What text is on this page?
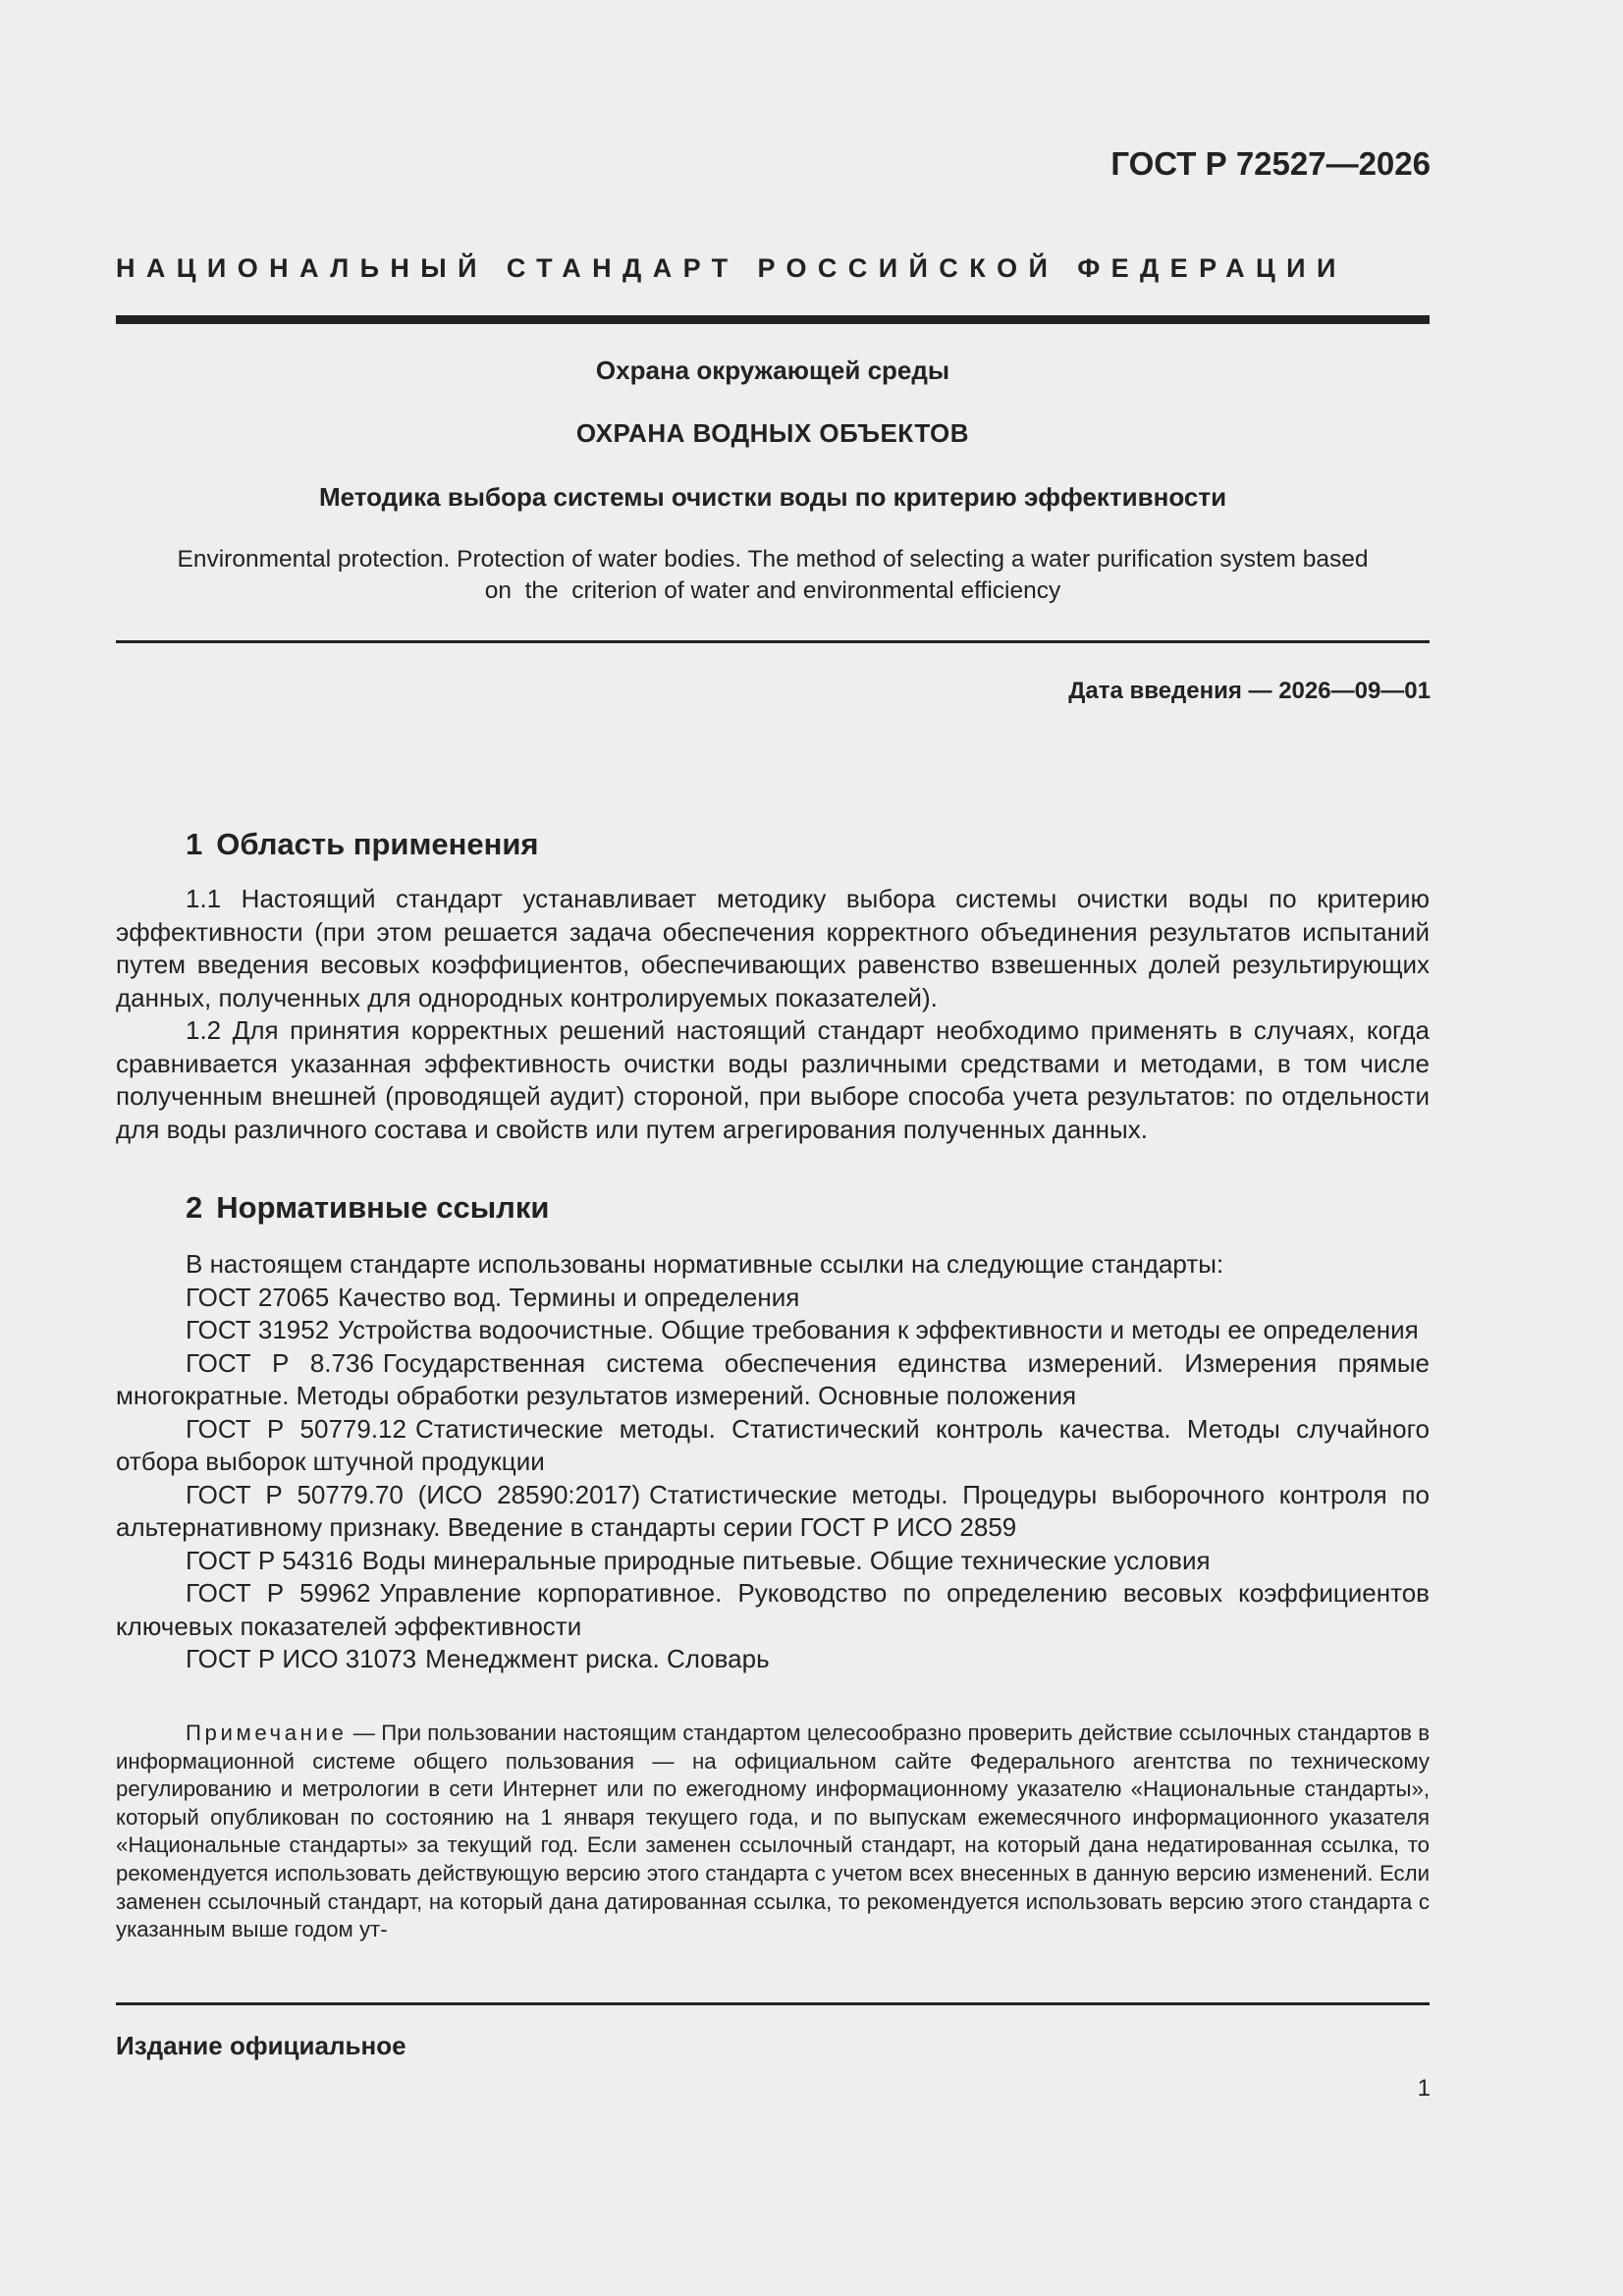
ГОСТ Р 72527—2026
НАЦИОНАЛЬНЫЙ СТАНДАРТ РОССИЙСКОЙ ФЕДЕРАЦИИ
Охрана окружающей среды
ОХРАНА ВОДНЫХ ОБЪЕКТОВ
Методика выбора системы очистки воды по критерию эффективности
Environmental protection. Protection of water bodies. The method of selecting a water purification system based
on  the  criterion of water and environmental efficiency
Дата введения — 2026—09—01
1 Область применения

1.1 Настоящий стандарт устанавливает методику выбора системы очистки воды по критерию эффективности (при этом решается задача обеспечения корректного объединения результатов испытаний путем введения весовых коэффициентов, обеспечивающих равенство взвешенных долей результирующих данных, полученных для однородных контролируемых показателей).

1.2 Для принятия корректных решений настоящий стандарт необходимо применять в случаях, когда сравнивается указанная эффективность очистки воды различными средствами и методами, в том числе полученным внешней (проводящей аудит) стороной, при выборе способа учета результатов: по отдельности для воды различного состава и свойств или путем агрегирования полученных данных.

2 Нормативные ссылки

В настоящем стандарте использованы нормативные ссылки на следующие стандарты:

ГОСТ 27065 Качество вод. Термины и определения

ГОСТ 31952 Устройства водоочистные. Общие требования к эффективности и методы ее определения

ГОСТ Р 8.736 Государственная система обеспечения единства измерений. Измерения прямые многократные. Методы обработки результатов измерений. Основные положения

ГОСТ Р 50779.12 Статистические методы. Статистический контроль качества. Методы случайного отбора выборок штучной продукции

ГОСТ Р 50779.70 (ИСО 28590:2017) Статистические методы. Процедуры выборочного контроля по альтернативному признаку. Введение в стандарты серии ГОСТ Р ИСО 2859

ГОСТ Р 54316 Воды минеральные природные питьевые. Общие технические условия

ГОСТ Р 59962 Управление корпоративное. Руководство по определению весовых коэффициентов ключевых показателей эффективности

ГОСТ Р ИСО 31073 Менеджмент риска. Словарь

Примечание — При пользовании настоящим стандартом целесообразно проверить действие ссылочных стандартов в информационной системе общего пользования — на официальном сайте Федерального агентства по техническому регулированию и метрологии в сети Интернет или по ежегодному информационному указателю «Национальные стандарты», который опубликован по состоянию на 1 января текущего года, и по выпускам ежемесячного информационного указателя «Национальные стандарты» за текущий год. Если заменен ссылочный стандарт, на который дана недатированная ссылка, то рекомендуется использовать действующую версию этого стандарта с учетом всех внесенных в данную версию изменений. Если заменен ссылочный стандарт, на который дана датированная ссылка, то рекомендуется использовать версию этого стандарта с указанным выше годом ут-
Издание официальное
1
